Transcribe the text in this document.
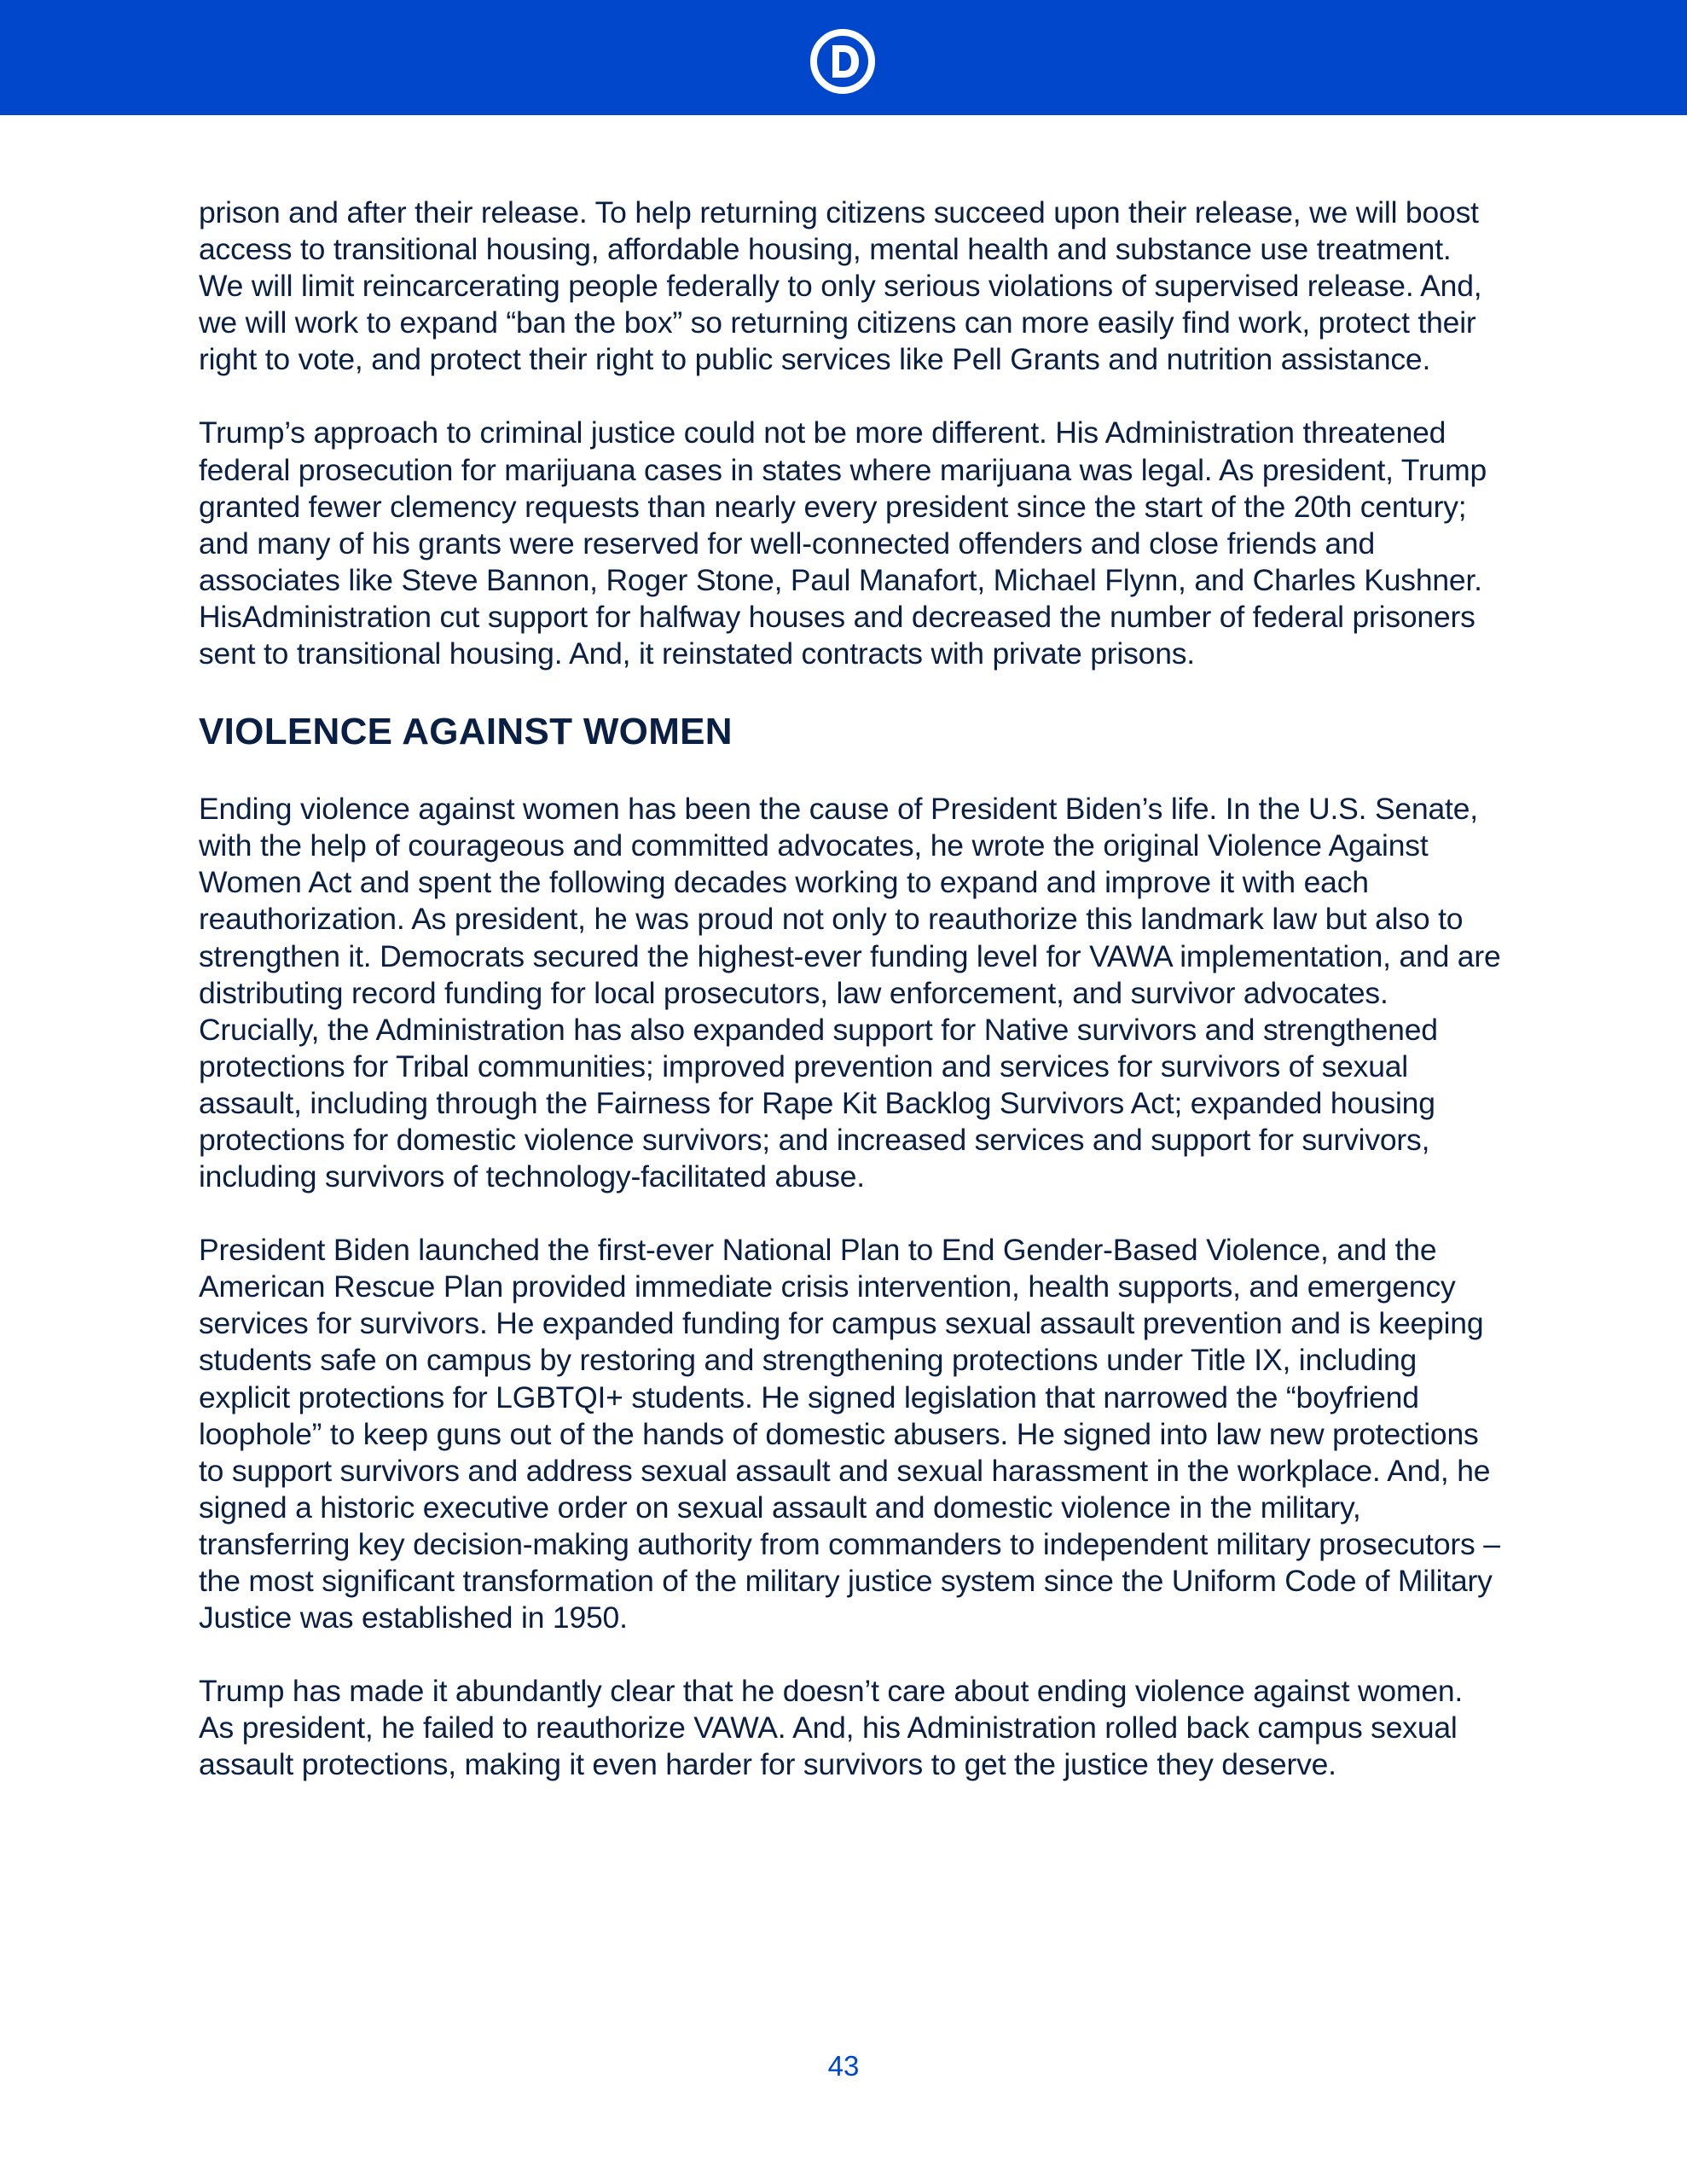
prison and after their release. To help returning citizens succeed upon their release, we will boost access to transitional housing, affordable housing, mental health and substance use treatment. We will limit reincarcerating people federally to only serious violations of supervised release. And, we will work to expand “ban the box” so returning citizens can more easily find work, protect their right to vote, and protect their right to public services like Pell Grants and nutrition assistance.

Trump’s approach to criminal justice could not be more different. His Administration threatened federal prosecution for marijuana cases in states where marijuana was legal. As president, Trump granted fewer clemency requests than nearly every president since the start of the 20th century; and many of his grants were reserved for well-connected offenders and close friends and associates like Steve Bannon, Roger Stone, Paul Manafort, Michael Flynn, and Charles Kushner. HisAdministration cut support for halfway houses and decreased the number of federal prisoners sent to transitional housing. And, it reinstated contracts with private prisons.

VIOLENCE AGAINST WOMEN

Ending violence against women has been the cause of President Biden’s life. In the U.S. Senate, with the help of courageous and committed advocates, he wrote the original Violence Against Women Act and spent the following decades working to expand and improve it with each reauthorization. As president, he was proud not only to reauthorize this landmark law but also to strengthen it. Democrats secured the highest-ever funding level for VAWA implementation, and are distributing record funding for local prosecutors, law enforcement, and survivor advocates. Crucially, the Administration has also expanded support for Native survivors and strengthened protections for Tribal communities; improved prevention and services for survivors of sexual assault, including through the Fairness for Rape Kit Backlog Survivors Act; expanded housing protections for domestic violence survivors; and increased services and support for survivors, including survivors of technology-facilitated abuse.

President Biden launched the first-ever National Plan to End Gender-Based Violence, and the American Rescue Plan provided immediate crisis intervention, health supports, and emergency services for survivors. He expanded funding for campus sexual assault prevention and is keeping students safe on campus by restoring and strengthening protections under Title IX, including explicit protections for LGBTQI+ students. He signed legislation that narrowed the “boyfriend loophole” to keep guns out of the hands of domestic abusers. He signed into law new protections to support survivors and address sexual assault and sexual harassment in the workplace. And, he signed a historic executive order on sexual assault and domestic violence in the military, transferring key decision-making authority from commanders to independent military prosecutors – the most significant transformation of the military justice system since the Uniform Code of Military Justice was established in 1950.

Trump has made it abundantly clear that he doesn’t care about ending violence against women. As president, he failed to reauthorize VAWA. And, his Administration rolled back campus sexual assault protections, making it even harder for survivors to get the justice they deserve.

43
